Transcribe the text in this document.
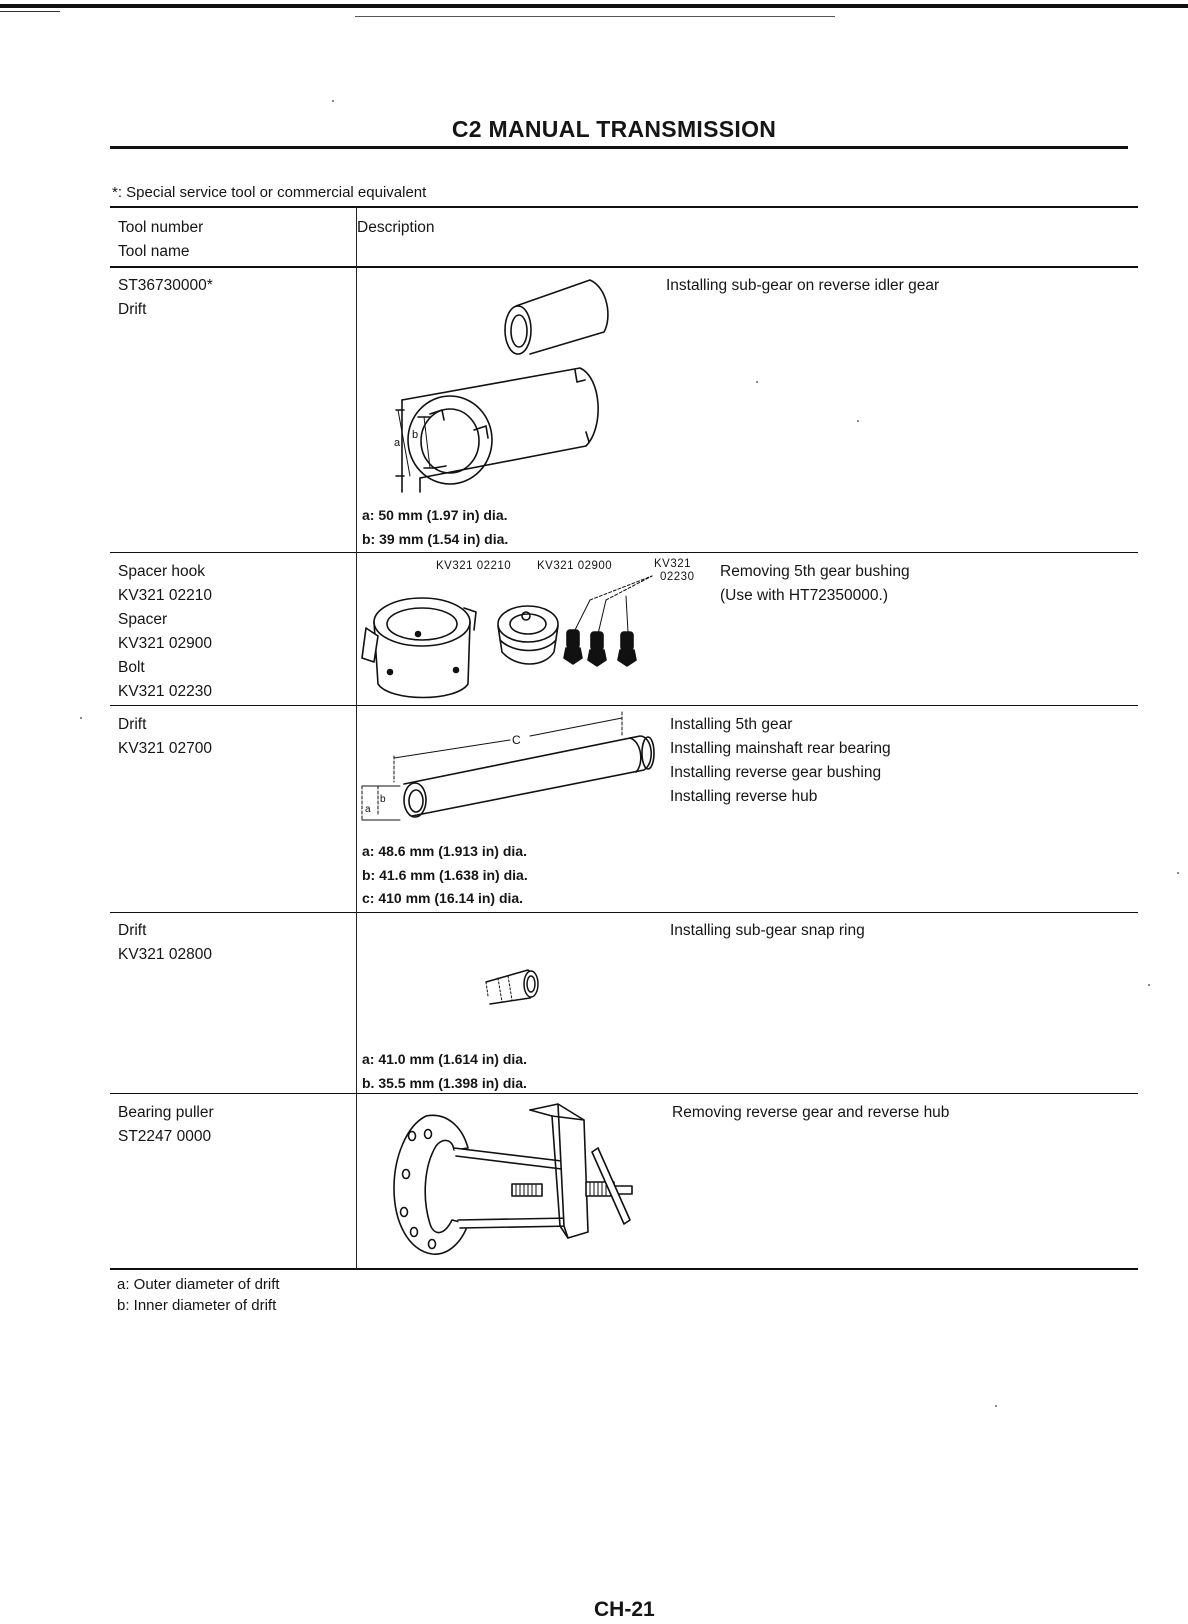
C2 MANUAL TRANSMISSION
*: Special service tool or commercial equivalent
Tool number
Tool name
Description
ST36730000*
Drift
Installing sub-gear on reverse idler gear
a
b
a: 50 mm (1.97 in) dia.
b: 39 mm (1.54 in) dia.
Spacer hook
KV321 02210
Spacer
KV321 02900
Bolt
KV321 02230
KV321 02210 KV321 02900	KV321
02230 Removing 5th gear bushing
(Use with HT72350000.)
Drift
KV321 02700
Installing 5th gear
Installing mainshaft rear bearing
Installing reverse gear bushing
Installing reverse hub
C
a
b
a: 48.6 mm (1.913 in) dia.
b: 41.6 mm (1.638 in) dia.
c: 410 mm (16.14 in) dia.
Drift
KV321 02800
Installing sub-gear snap ring
a: 41.0 mm (1.614 in) dia.
b. 35.5 mm (1.398 in) dia.
Bearing puller
ST2247 0000
Removing reverse gear and reverse hub
a: Outer diameter of drift
b: Inner diameter of drift
CH-21
